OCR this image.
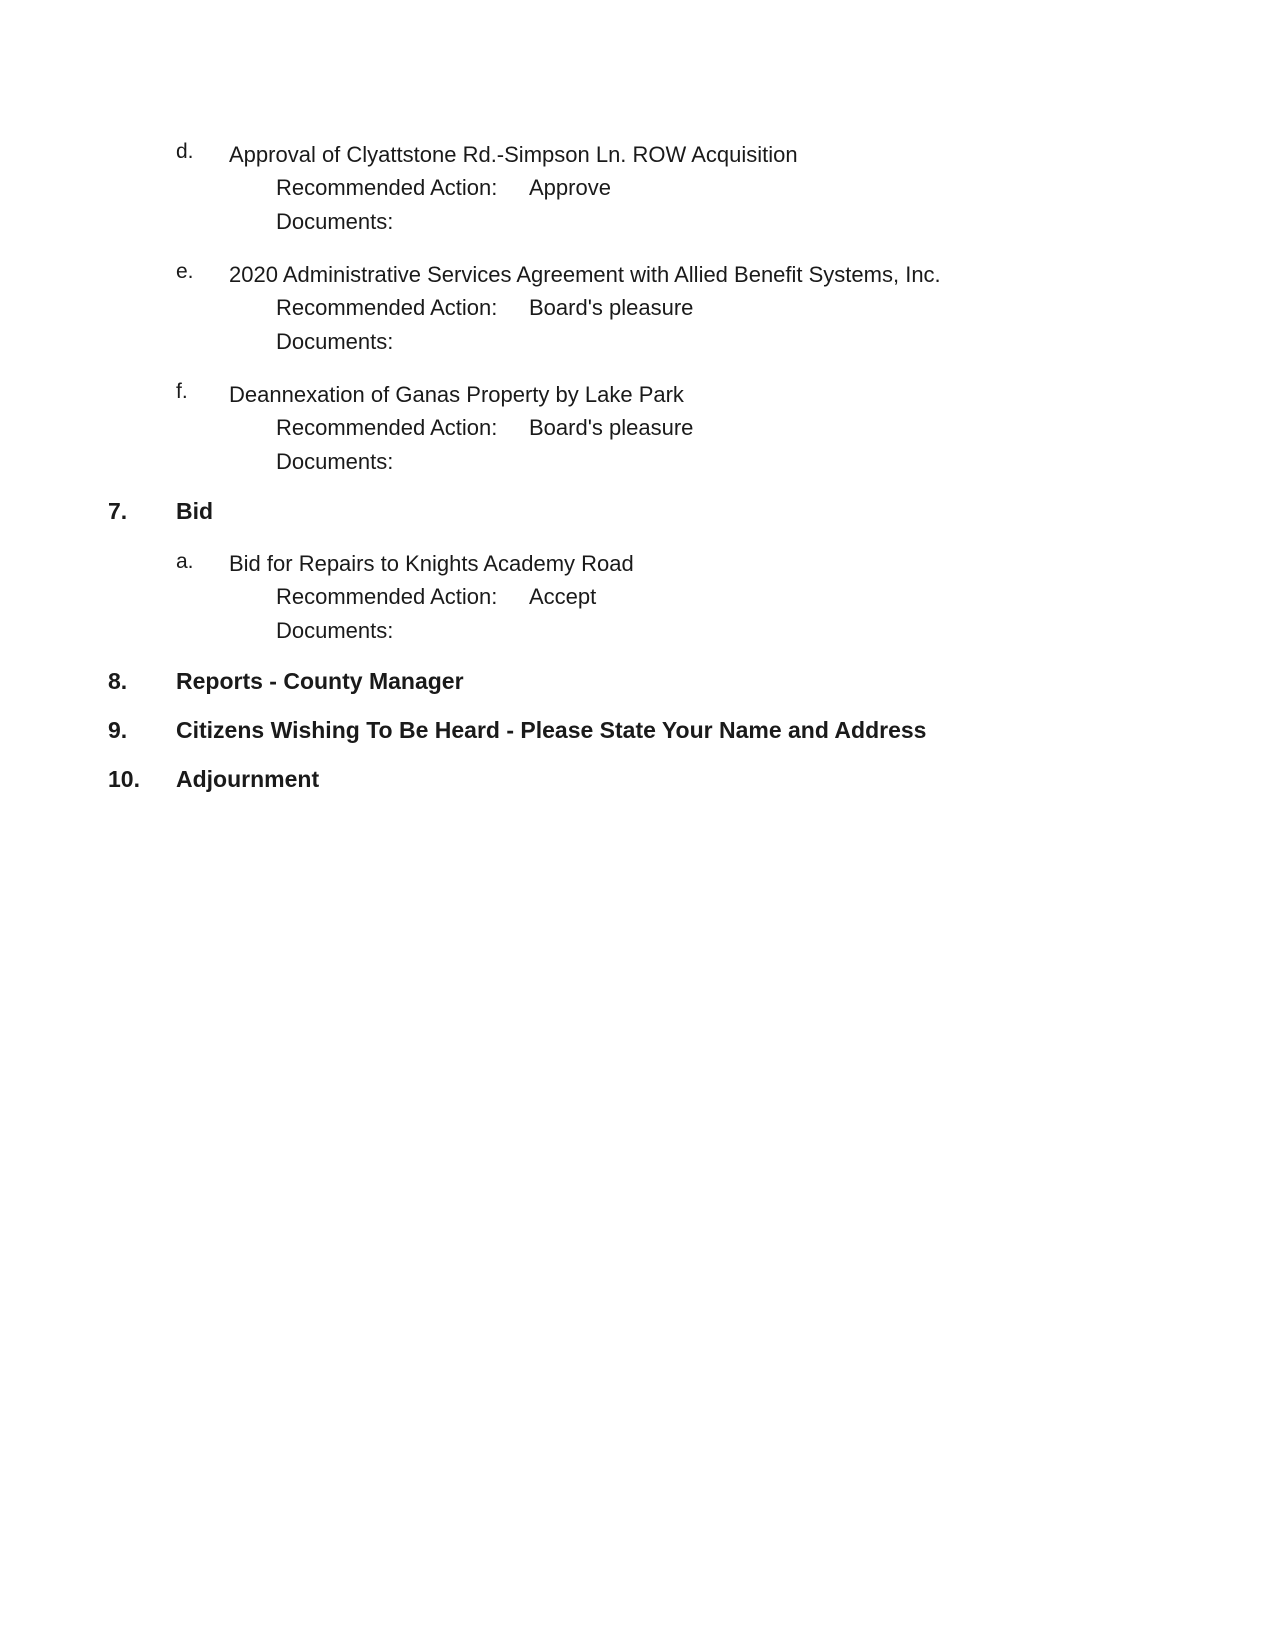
d. Approval of Clyattstone Rd.-Simpson Ln. ROW Acquisition
Recommended Action: Approve
Documents:
e. 2020 Administrative Services Agreement with Allied Benefit Systems, Inc.
Recommended Action: Board's pleasure
Documents:
f. Deannexation of Ganas Property by Lake Park
Recommended Action: Board's pleasure
Documents:
7. Bid
a. Bid for Repairs to Knights Academy Road
Recommended Action: Accept
Documents:
8. Reports - County Manager
9. Citizens Wishing To Be Heard - Please State Your Name and Address
10. Adjournment
